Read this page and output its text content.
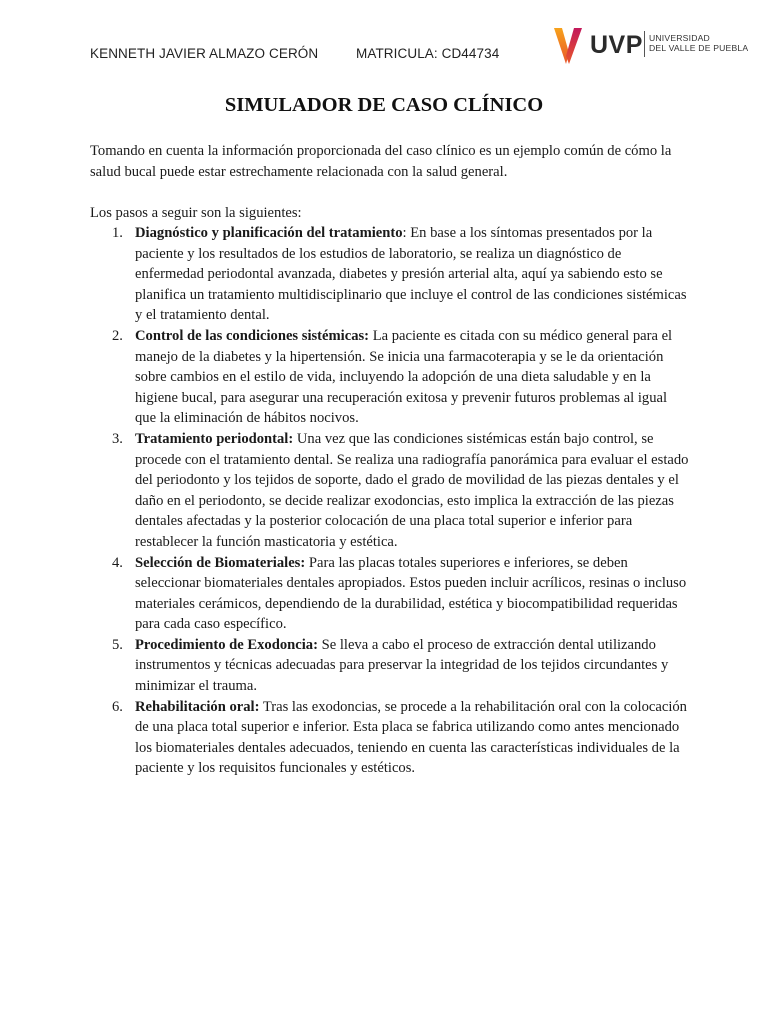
KENNETH JAVIER ALMAZO CERÓN	MATRICULA: CD44734	UVP UNIVERSIDAD
DEL VALLE DE PUEBLA
SIMULADOR DE CASO CLÍNICO

Tomando en cuenta la información proporcionada del caso clínico es un ejemplo común de cómo la salud bucal puede estar estrechamente relacionada con la salud general.

Los pasos a seguir son la siguientes:

1. Diagnóstico y planificación del tratamiento: En base a los síntomas presentados por la paciente y los resultados de los estudios de laboratorio, se realiza un diagnóstico de enfermedad periodontal avanzada, diabetes y presión arterial alta, aquí ya sabiendo esto se planifica un tratamiento multidisciplinario que incluye el control de las condiciones sistémicas y el tratamiento dental.
2. Control de las condiciones sistémicas: La paciente es citada con su médico general para el manejo de la diabetes y la hipertensión. Se inicia una farmacoterapia y se le da orientación sobre cambios en el estilo de vida, incluyendo la adopción de una dieta saludable y en la higiene bucal, para asegurar una recuperación exitosa y prevenir futuros problemas al igual que la eliminación de hábitos nocivos.
3. Tratamiento periodontal: Una vez que las condiciones sistémicas están bajo control, se procede con el tratamiento dental. Se realiza una radiografía panorámica para evaluar el estado del periodonto y los tejidos de soporte, dado el grado de movilidad de las piezas dentales y el daño en el periodonto, se decide realizar exodoncias, esto implica la extracción de las piezas dentales afectadas y la posterior colocación de una placa total superior e inferior para restablecer la función masticatoria y estética.
4. Selección de Biomateriales: Para las placas totales superiores e inferiores, se deben seleccionar biomateriales dentales apropiados. Estos pueden incluir acrílicos, resinas o incluso materiales cerámicos, dependiendo de la durabilidad, estética y biocompatibilidad requeridas para cada caso específico.
5. Procedimiento de Exodoncia: Se lleva a cabo el proceso de extracción dental utilizando instrumentos y técnicas adecuadas para preservar la integridad de los tejidos circundantes y minimizar el trauma.
6. Rehabilitación oral: Tras las exodoncias, se procede a la rehabilitación oral con la colocación de una placa total superior e inferior. Esta placa se fabrica utilizando como antes mencionado los biomateriales dentales adecuados, teniendo en cuenta las características individuales de la paciente y los requisitos funcionales y estéticos.
